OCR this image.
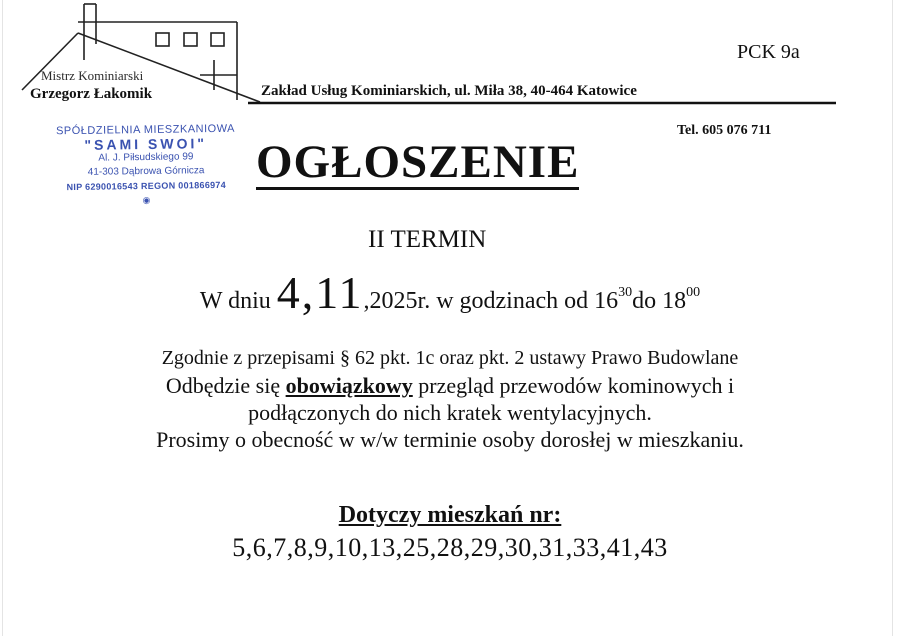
Mistrz Kominiarski
Grzegorz Łakomik
PCK 9a
Zakład Usług Kominiarskich, ul. Miła 38, 40-464 Katowice
Tel. 605 076 711
SPÓŁDZIELNIA MIESZKANIOWA
"SAMI SWOI"
Al. J. Piłsudskiego 99
41-303 Dąbrowa Górnicza
NIP 6290016543 REGON 001866974
◉
OGŁOSZENIE
II TERMIN
W dniu 4,11,2025r. w godzinach od $16^{30}do$ $18^{00}$
Zgodnie z przepisami § 62 pkt. 1c oraz pkt. 2 ustawy Prawo Budowlane
Odbędzie się obowiązkowy przegląd przewodów kominowych i
podłączonych do nich kratek wentylacyjnych.
Prosimy o obecność w w/w terminie osoby dorosłej w mieszkaniu.
Dotyczy mieszkań nr:
5,6,7,8,9,10,13,25,28,29,30,31,33,41,43
